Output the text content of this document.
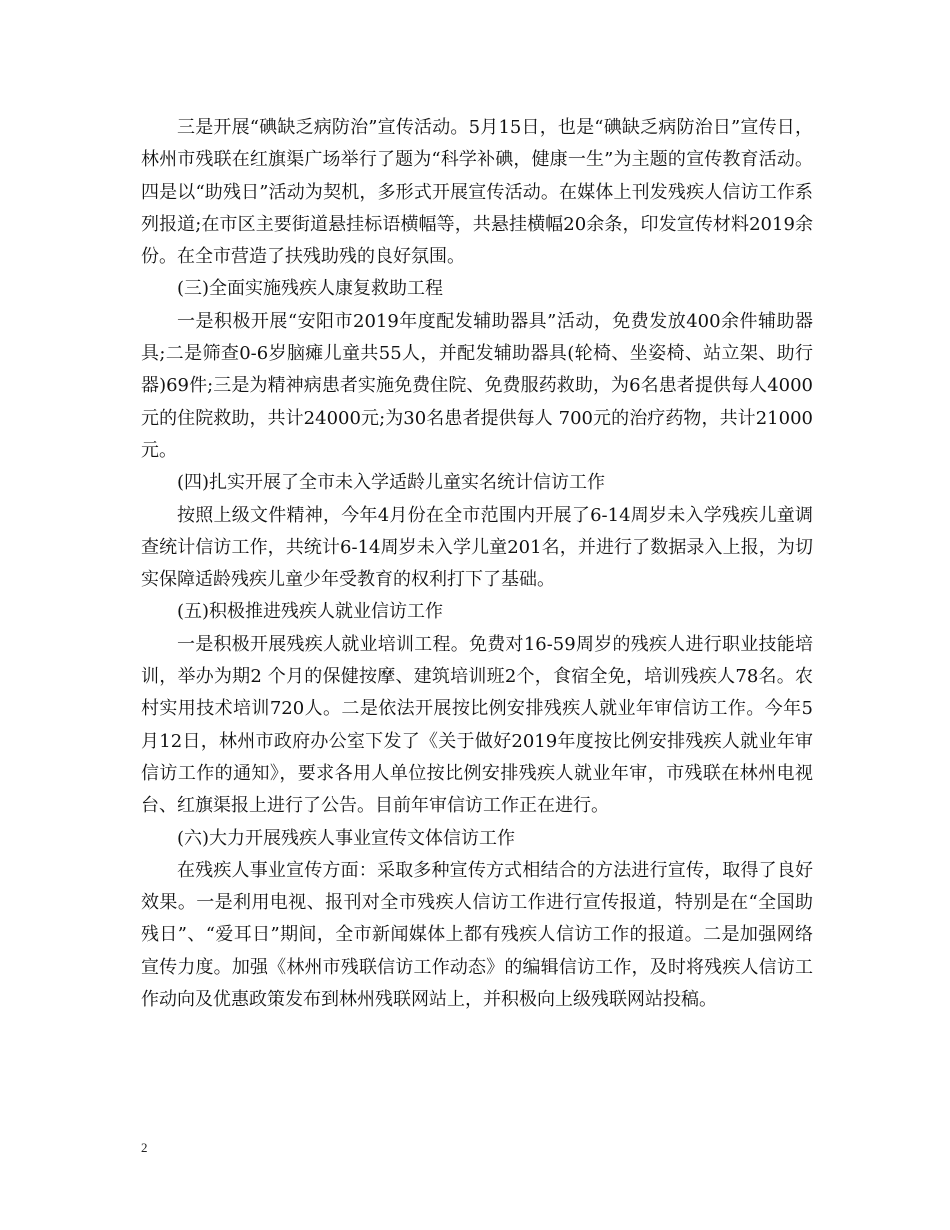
三是开展“碘缺乏病防治”宣传活动。5月15日，也是“碘缺乏病防治日”宣传日，林州市残联在红旗渠广场举行了题为“科学补碘，健康一生”为主题的宣传教育活动。四是以“助残日”活动为契机，多形式开展宣传活动。在媒体上刊发残疾人信访工作系列报道;在市区主要街道悬挂标语横幅等，共悬挂横幅20余条，印发宣传材料2019余份。在全市营造了扶残助残的良好氛围。

(三)全面实施残疾人康复救助工程

一是积极开展“安阳市2019年度配发辅助器具”活动，免费发放400余件辅助器具;二是筛查0-6岁脑瘫儿童共55人，并配发辅助器具(轮椅、坐姿椅、站立架、助行器)69件;三是为精神病患者实施免费住院、免费服药救助，为6名患者提供每人4000元的住院救助，共计24000元;为30名患者提供每人 700元的治疗药物，共计21000元。

(四)扎实开展了全市未入学适龄儿童实名统计信访工作

按照上级文件精神，今年4月份在全市范围内开展了6-14周岁未入学残疾儿童调查统计信访工作，共统计6-14周岁未入学儿童201名，并进行了数据录入上报，为切实保障适龄残疾儿童少年受教育的权利打下了基础。

(五)积极推进残疾人就业信访工作

一是积极开展残疾人就业培训工程。免费对16-59周岁的残疾人进行职业技能培训，举办为期2 个月的保健按摩、建筑培训班2个，食宿全免，培训残疾人78名。农村实用技术培训720人。二是依法开展按比例安排残疾人就业年审信访工作。今年5月12日，林州市政府办公室下发了《关于做好2019年度按比例安排残疾人就业年审信访工作的通知》，要求各用人单位按比例安排残疾人就业年审，市残联在林州电视台、红旗渠报上进行了公告。目前年审信访工作正在进行。

(六)大力开展残疾人事业宣传文体信访工作

在残疾人事业宣传方面：采取多种宣传方式相结合的方法进行宣传，取得了良好效果。一是利用电视、报刊对全市残疾人信访工作进行宣传报道，特别是在“全国助残日”、“爱耳日”期间，全市新闻媒体上都有残疾人信访工作的报道。二是加强网络宣传力度。加强《林州市残联信访工作动态》的编辑信访工作，及时将残疾人信访工作动向及优惠政策发布到林州残联网站上，并积极向上级残联网站投稿。

2
